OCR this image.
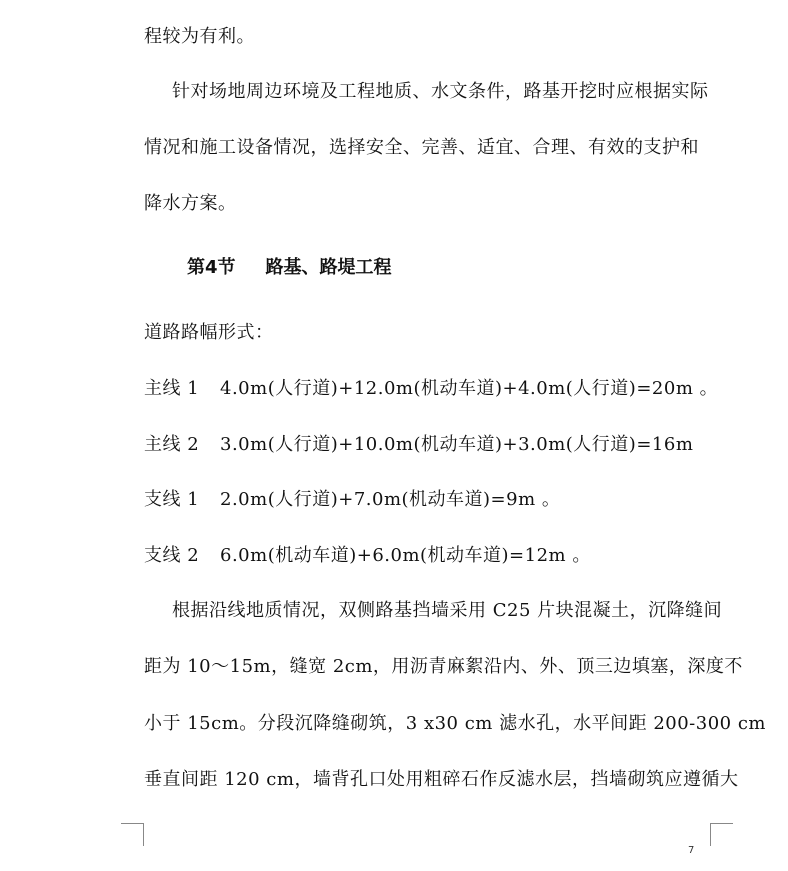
程较为有利。
针对场地周边环境及工程地质、水文条件，路基开挖时应根据实际
情况和施工设备情况，选择安全、完善、适宜、合理、有效的支护和
降水方案。
第4节 路基、路堤工程
道路路幅形式：
主线 1 4.0m(人行道)+12.0m(机动车道)+4.0m(人行道)=20m 。
主线 2 3.0m(人行道)+10.0m(机动车道)+3.0m(人行道)=16m
支线 1 2.0m(人行道)+7.0m(机动车道)=9m 。
支线 2 6.0m(机动车道)+6.0m(机动车道)=12m 。
根据沿线地质情况，双侧路基挡墙采用 C25 片块混凝土，沉降缝间
距为 10～15m，缝宽 2cm，用沥青麻絮沿内、外、顶三边填塞，深度不
小于 15cm。分段沉降缝砌筑，3 x30 cm 滤水孔，水平间距 200-300 cm
垂直间距 120 cm，墙背孔口处用粗碎石作反滤水层，挡墙砌筑应遵循大
7
